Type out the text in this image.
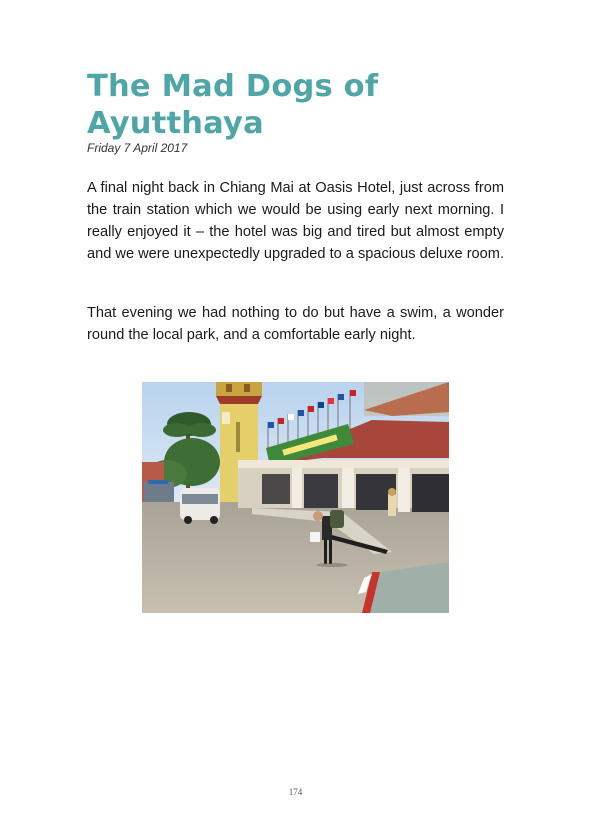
The Mad Dogs of Ayutthaya
Friday 7 April 2017

A final night back in Chiang Mai at Oasis Hotel, just across from the train station which we would be using early next morning. I really enjoyed it – the hotel was big and tired but almost empty and we were unexpectedly upgraded to a spacious deluxe room.

That evening we had nothing to do but have a swim, a wonder round the local park, and a comfortable early night.

174
